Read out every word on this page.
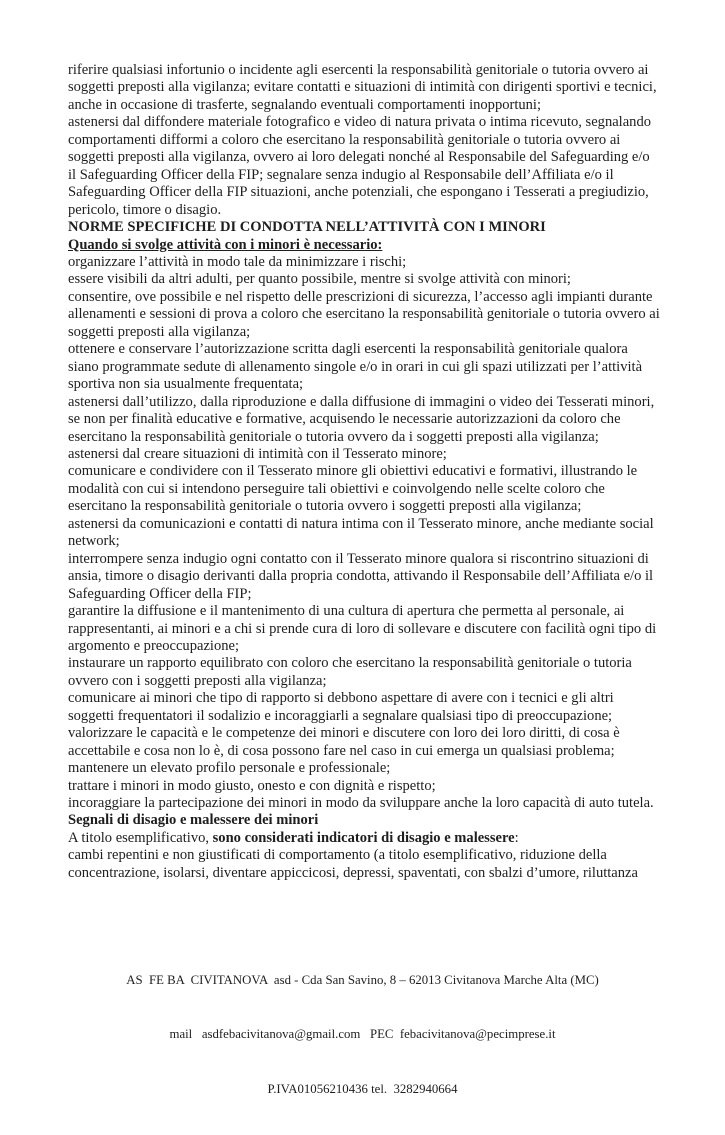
riferire qualsiasi infortunio o incidente agli esercenti la responsabilità genitoriale o tutoria ovvero ai soggetti preposti alla vigilanza; evitare contatti e situazioni di intimità con dirigenti sportivi e tecnici, anche in occasione di trasferte, segnalando eventuali comportamenti inopportuni;

astenersi dal diffondere materiale fotografico e video di natura privata o intima ricevuto, segnalando comportamenti difformi a coloro che esercitano la responsabilità genitoriale o tutoria ovvero ai soggetti preposti alla vigilanza, ovvero ai loro delegati nonché al Responsabile del Safeguarding e/o il Safeguarding Officer della FIP; segnalare senza indugio al Responsabile dell’Affiliata e/o il Safeguarding Officer della FIP situazioni, anche potenziali, che espongano i Tesserati a pregiudizio, pericolo, timore o disagio.

NORME SPECIFICHE DI CONDOTTA NELL’ATTIVITÀ CON I MINORI

Quando si svolge attività con i minori è necessario:

organizzare l’attività in modo tale da minimizzare i rischi;

essere visibili da altri adulti, per quanto possibile, mentre si svolge attività con minori;

consentire, ove possibile e nel rispetto delle prescrizioni di sicurezza, l’accesso agli impianti durante allenamenti e sessioni di prova a coloro che esercitano la responsabilità genitoriale o tutoria ovvero ai soggetti preposti alla vigilanza;

ottenere e conservare l’autorizzazione scritta dagli esercenti la responsabilità genitoriale qualora siano programmate sedute di allenamento singole e/o in orari in cui gli spazi utilizzati per l’attività sportiva non sia usualmente frequentata;

astenersi dall’utilizzo, dalla riproduzione e dalla diffusione di immagini o video dei Tesserati minori, se non per finalità educative e formative, acquisendo le necessarie autorizzazioni da coloro che esercitano la responsabilità genitoriale o tutoria ovvero da i soggetti preposti alla vigilanza;

astenersi dal creare situazioni di intimità con il Tesserato minore;

comunicare e condividere con il Tesserato minore gli obiettivi educativi e formativi, illustrando le modalità con cui si intendono perseguire tali obiettivi e coinvolgendo nelle scelte coloro che esercitano la responsabilità genitoriale o tutoria ovvero i soggetti preposti alla vigilanza;

astenersi da comunicazioni e contatti di natura intima con il Tesserato minore, anche mediante social network;

interrompere senza indugio ogni contatto con il Tesserato minore qualora si riscontrino situazioni di ansia, timore o disagio derivanti dalla propria condotta, attivando il Responsabile dell’Affiliata e/o il Safeguarding Officer della FIP;

garantire la diffusione e il mantenimento di una cultura di apertura che permetta al personale, ai rappresentanti, ai minori e a chi si prende cura di loro di sollevare e discutere con facilità ogni tipo di argomento e preoccupazione;

instaurare un rapporto equilibrato con coloro che esercitano la responsabilità genitoriale o tutoria ovvero con i soggetti preposti alla vigilanza;

comunicare ai minori che tipo di rapporto si debbono aspettare di avere con i tecnici e gli altri soggetti frequentatori il sodalizio e incoraggiarli a segnalare qualsiasi tipo di preoccupazione;

valorizzare le capacità e le competenze dei minori e discutere con loro dei loro diritti, di cosa è accettabile e cosa non lo è, di cosa possono fare nel caso in cui emerga un qualsiasi problema;

mantenere un elevato profilo personale e professionale;

trattare i minori in modo giusto, onesto e con dignità e rispetto;

incoraggiare la partecipazione dei minori in modo da sviluppare anche la loro capacità di auto tutela.

Segnali di disagio e malessere dei minori

A titolo esemplificativo, sono considerati indicatori di disagio e malessere:

cambi repentini e non giustificati di comportamento (a titolo esemplificativo, riduzione della concentrazione, isolarsi, diventare appiccicosi, depressi, spaventati, con sbalzi d’umore, riluttanza

AS  FE BA  CIVITANOVA  asd - Cda San Savino, 8 – 62013 Civitanova Marche Alta (MC)

mail   asdfebacivitanova@gmail.com   PEC  febacivitanova@pecimprese.it

P.IVA01056210436 tel.  3282940664
